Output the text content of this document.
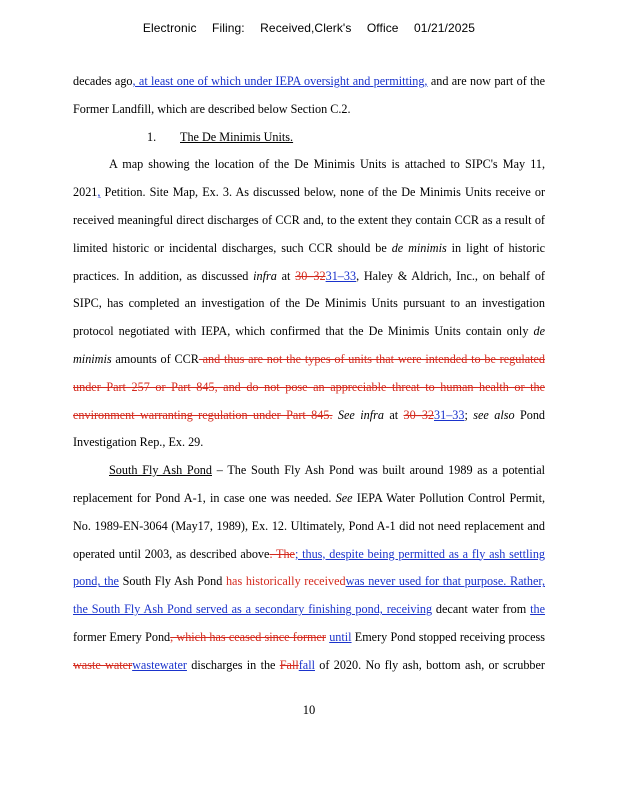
Electronic Filing: Received,Clerk's Office 01/21/2025
decades ago, at least one of which under IEPA oversight and permitting, and are now part of the
Former Landfill, which are described below Section C.2.
1. The De Minimis Units.
A map showing the location of the De Minimis Units is attached to SIPC's May 11,
2021, Petition. Site Map, Ex. 3. As discussed below, none of the De Minimis Units receive or
received meaningful direct discharges of CCR and, to the extent they contain CCR as a result of
limited historic or incidental discharges, such CCR should be de minimis in light of historic
practices. In addition, as discussed infra at 30–3231–33, Haley & Aldrich, Inc., on behalf of
SIPC, has completed an investigation of the De Minimis Units pursuant to an investigation
protocol negotiated with IEPA, which confirmed that the De Minimis Units contain only de
minimis amounts of CCR and thus are not the types of units that were intended to be regulated
under Part 257 or Part 845, and do not pose an appreciable threat to human health or the
environment warranting regulation under Part 845. See infra at 30–3231–33; see also Pond
Investigation Rep., Ex. 29.
South Fly Ash Pond – The South Fly Ash Pond was built around 1989 as a potential
replacement for Pond A-1, in case one was needed. See IEPA Water Pollution Control Permit,
No. 1989-EN-3064 (May17, 1989), Ex. 12. Ultimately, Pond A-1 did not need replacement and
operated until 2003, as described above. The; thus, despite being permitted as a fly ash settling
pond, the South Fly Ash Pond has historically receivedwas never used for that purpose. Rather,
the South Fly Ash Pond served as a secondary finishing pond, receiving decant water from the
former Emery Pond, which has ceased since former until Emery Pond stopped receiving process
waste waterwastewater discharges in the Fallfall of 2020. No fly ash, bottom ash, or scrubber
10
